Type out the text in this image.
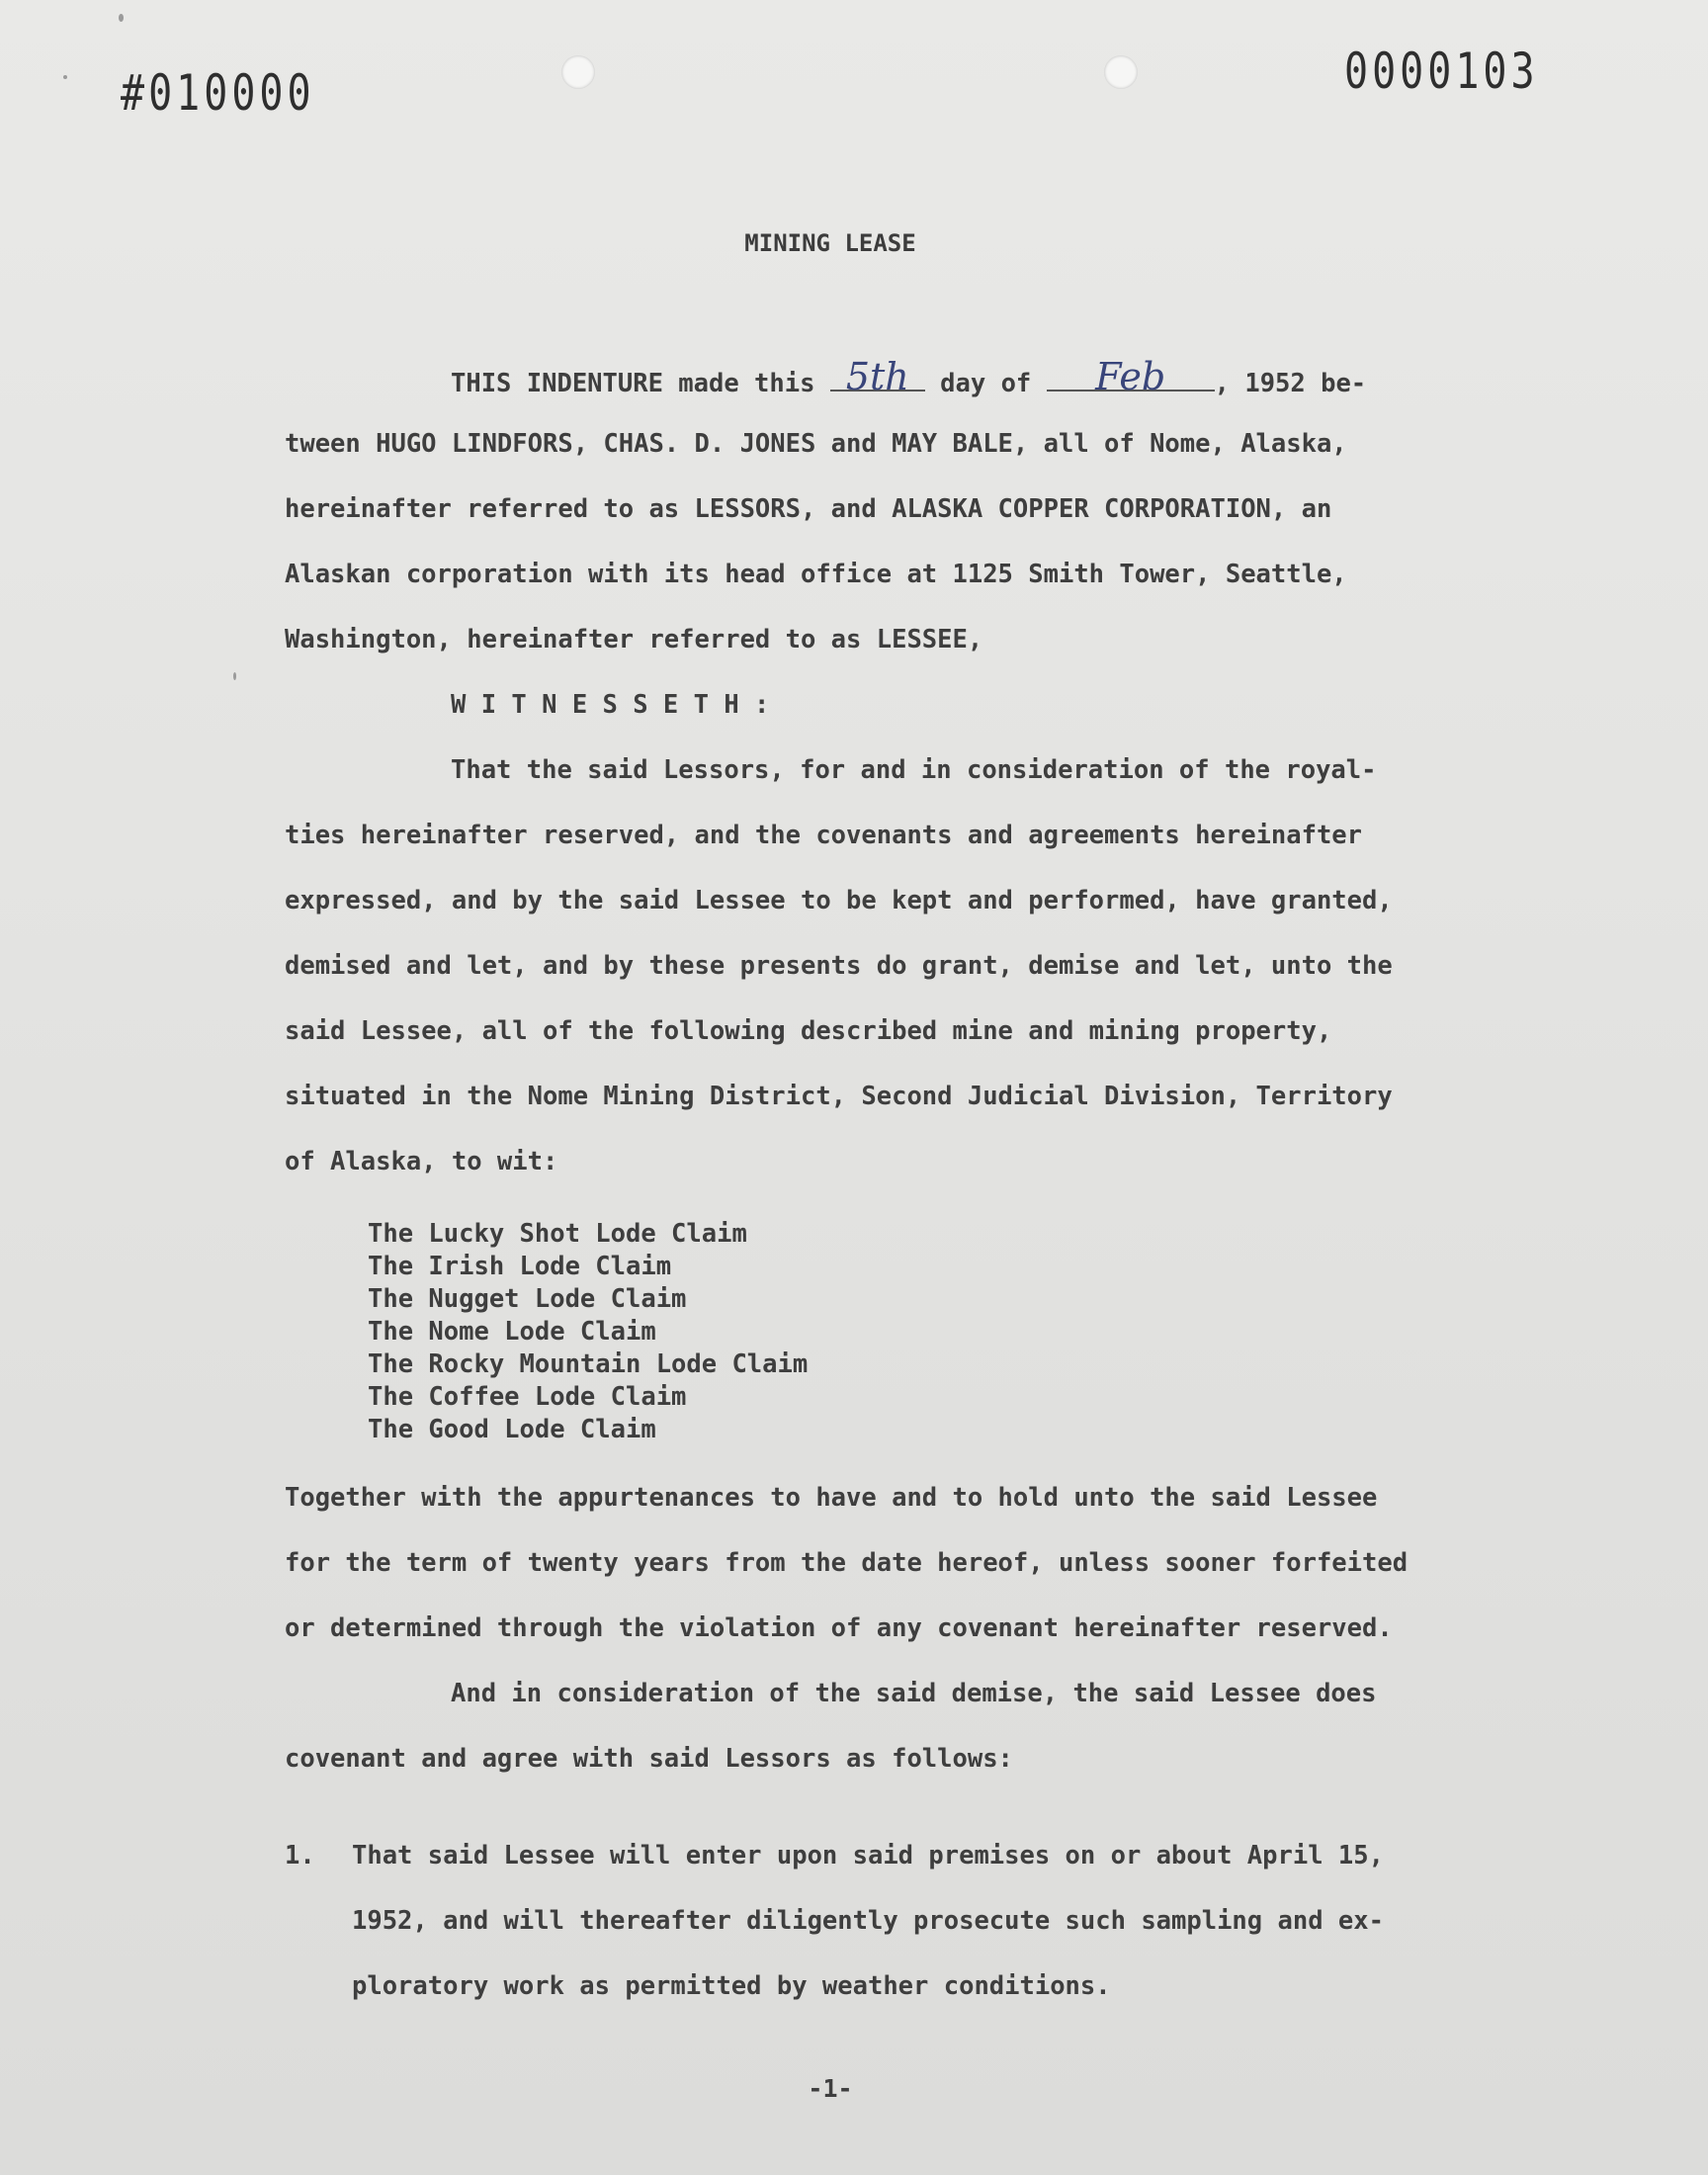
#010000	0000103
MINING LEASE
THIS INDENTURE made this 5th day of	Feb	, 1952 be-
tween HUGO LINDFORS, CHAS. D. JONES and MAY BALE, all of Nome, Alaska,
hereinafter referred to as LESSORS, and ALASKA COPPER CORPORATION, an
Alaskan corporation with its head office at 1125 Smith Tower, Seattle,
Washington, hereinafter referred to as LESSEE,
W I T N E S S E T H :
That the said Lessors, for and in consideration of the royal-
ties hereinafter reserved, and the covenants and agreements hereinafter
expressed, and by the said Lessee to be kept and performed, have granted,
demised and let, and by these presents do grant, demise and let, unto the
said Lessee, all of the following described mine and mining property,
situated in the Nome Mining District, Second Judicial Division, Territory
of Alaska, to wit:
The Lucky Shot Lode Claim
The Irish Lode Claim
The Nugget Lode Claim
The Nome Lode Claim
The Rocky Mountain Lode Claim
The Coffee Lode Claim
The Good Lode Claim
Together with the appurtenances to have and to hold unto the said Lessee
for the term of twenty years from the date hereof, unless sooner forfeited
or determined through the violation of any covenant hereinafter reserved.
And in consideration of the said demise, the said Lessee does
covenant and agree with said Lessors as follows:
1. That said Lessee will enter upon said premises on or about April 15,
1952, and will thereafter diligently prosecute such sampling and ex-
ploratory work as permitted by weather conditions.
-1-
